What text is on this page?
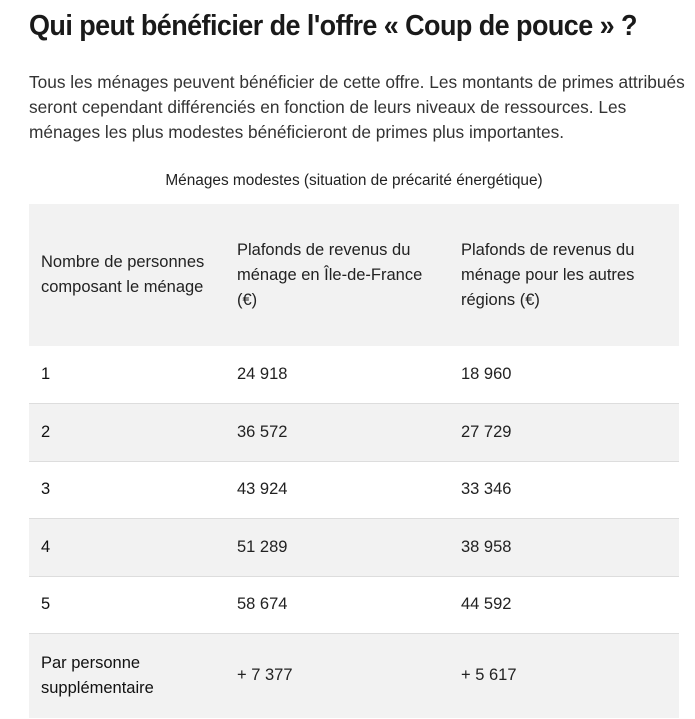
Qui peut bénéficier de l'offre « Coup de pouce » ?

Tous les ménages peuvent bénéficier de cette offre. Les montants de primes attribués seront cependant différenciés en fonction de leurs niveaux de ressources. Les ménages les plus modestes bénéficieront de primes plus importantes.

Ménages modestes (situation de précarité énergétique)
Nombre de personnes composant le ménage	Plafonds de revenus du ménage en Île-de-France (€)	Plafonds de revenus du ménage pour les autres régions (€)
1	24 918	18 960
2	36 572	27 729
3	43 924	33 346
4	51 289	38 958
5	58 674	44 592
Par personne supplémentaire	+ 7 377	+ 5 617
